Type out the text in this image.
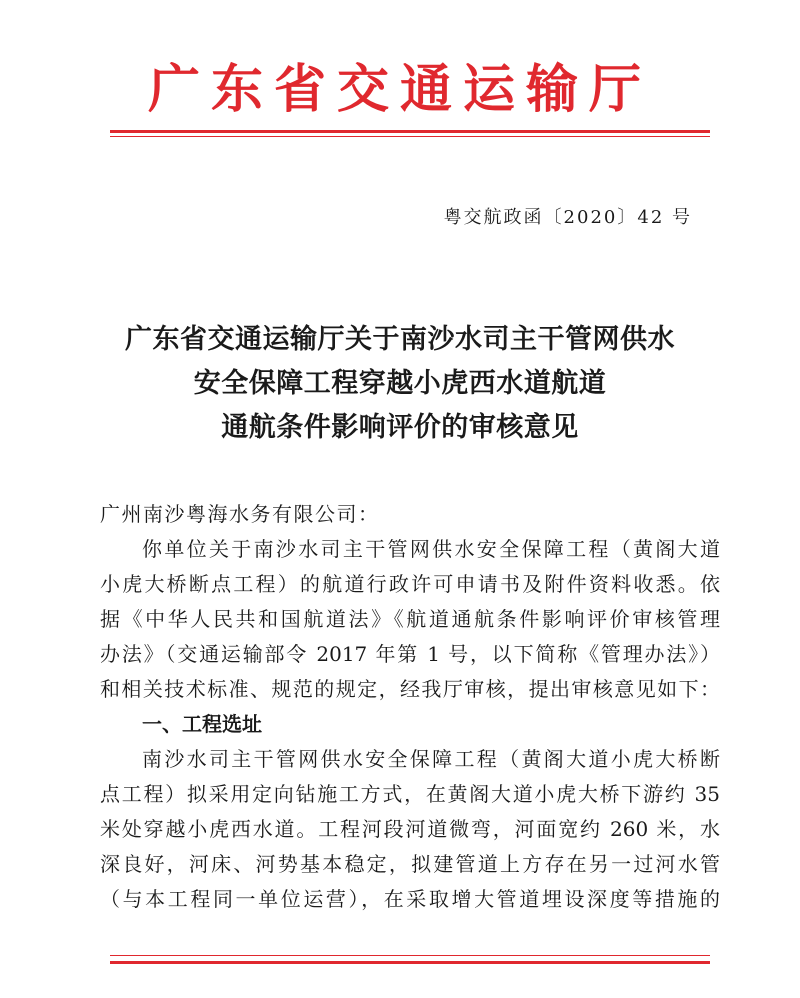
广东省交通运输厅
粤交航政函〔2020〕42 号
广东省交通运输厅关于南沙水司主干管网供水
安全保障工程穿越小虎西水道航道
通航条件影响评价的审核意见
广州南沙粤海水务有限公司：
你单位关于南沙水司主干管网供水安全保障工程（黄阁大道
小虎大桥断点工程）的航道行政许可申请书及附件资料收悉。依
据《中华人民共和国航道法》《航道通航条件影响评价审核管理
办法》（交通运输部令 2017 年第 1 号，以下简称《管理办法》）
和相关技术标准、规范的规定，经我厅审核，提出审核意见如下：
一、工程选址
南沙水司主干管网供水安全保障工程（黄阁大道小虎大桥断
点工程）拟采用定向钻施工方式，在黄阁大道小虎大桥下游约 35
米处穿越小虎西水道。工程河段河道微弯，河面宽约 260 米，水
深良好，河床、河势基本稳定，拟建管道上方存在另一过河水管
（与本工程同一单位运营），在采取增大管道埋设深度等措施的
